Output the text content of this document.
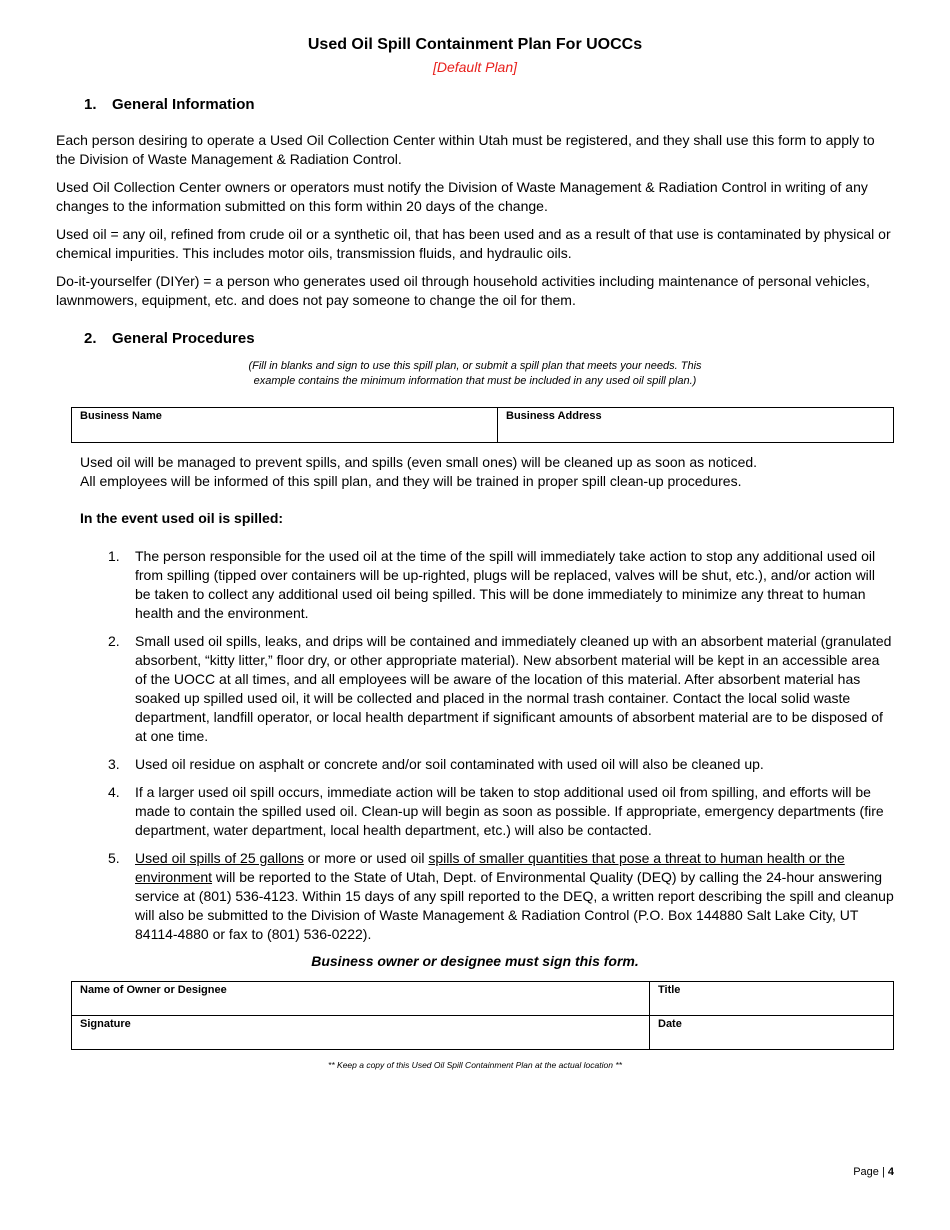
Used Oil Spill Containment Plan For UOCCs
[Default Plan]
1. General Information
Each person desiring to operate a Used Oil Collection Center within Utah must be registered, and they shall use this form to apply to the Division of Waste Management & Radiation Control.
Used Oil Collection Center owners or operators must notify the Division of Waste Management & Radiation Control in writing of any changes to the information submitted on this form within 20 days of the change.
Used oil = any oil, refined from crude oil or a synthetic oil, that has been used and as a result of that use is contaminated by physical or chemical impurities. This includes motor oils, transmission fluids, and hydraulic oils.
Do-it-yourselfer (DIYer) = a person who generates used oil through household activities including maintenance of personal vehicles, lawnmowers, equipment, etc. and does not pay someone to change the oil for them.
2. General Procedures
(Fill in blanks and sign to use this spill plan, or submit a spill plan that meets your needs. This example contains the minimum information that must be included in any used oil spill plan.)
Business Name	Business Address
Used oil will be managed to prevent spills, and spills (even small ones) will be cleaned up as soon as noticed.
All employees will be informed of this spill plan, and they will be trained in proper spill clean-up procedures.
In the event used oil is spilled:
1.	The person responsible for the used oil at the time of the spill will immediately take action to stop any additional used oil from spilling (tipped over containers will be up-righted, plugs will be replaced, valves will be shut, etc.), and/or action will be taken to collect any additional used oil being spilled. This will be done immediately to minimize any threat to human health and the environment.
2.	Small used oil spills, leaks, and drips will be contained and immediately cleaned up with an absorbent material (granulated absorbent, “kitty litter,” floor dry, or other appropriate material). New absorbent material will be kept in an accessible area of the UOCC at all times, and all employees will be aware of the location of this material. After absorbent material has soaked up spilled used oil, it will be collected and placed in the normal trash container. Contact the local solid waste department, landfill operator, or local health department if significant amounts of absorbent material are to be disposed of at one time.
3.	Used oil residue on asphalt or concrete and/or soil contaminated with used oil will also be cleaned up.
4.	If a larger used oil spill occurs, immediate action will be taken to stop additional used oil from spilling, and efforts will be made to contain the spilled used oil. Clean-up will begin as soon as possible. If appropriate, emergency departments (fire department, water department, local health department, etc.) will also be contacted.
5.	Used oil spills of 25 gallons or more or used oil spills of smaller quantities that pose a threat to human health or the environment will be reported to the State of Utah, Dept. of Environmental Quality (DEQ) by calling the 24-hour answering service at (801) 536-4123. Within 15 days of any spill reported to the DEQ, a written report describing the spill and cleanup will also be submitted to the Division of Waste Management & Radiation Control (P.O. Box 144880 Salt Lake City, UT 84114-4880 or fax to (801) 536-0222).
Business owner or designee must sign this form.
Name of Owner or Designee	Title
Signature	Date
** Keep a copy of this Used Oil Spill Containment Plan at the actual location **
Page | 4
